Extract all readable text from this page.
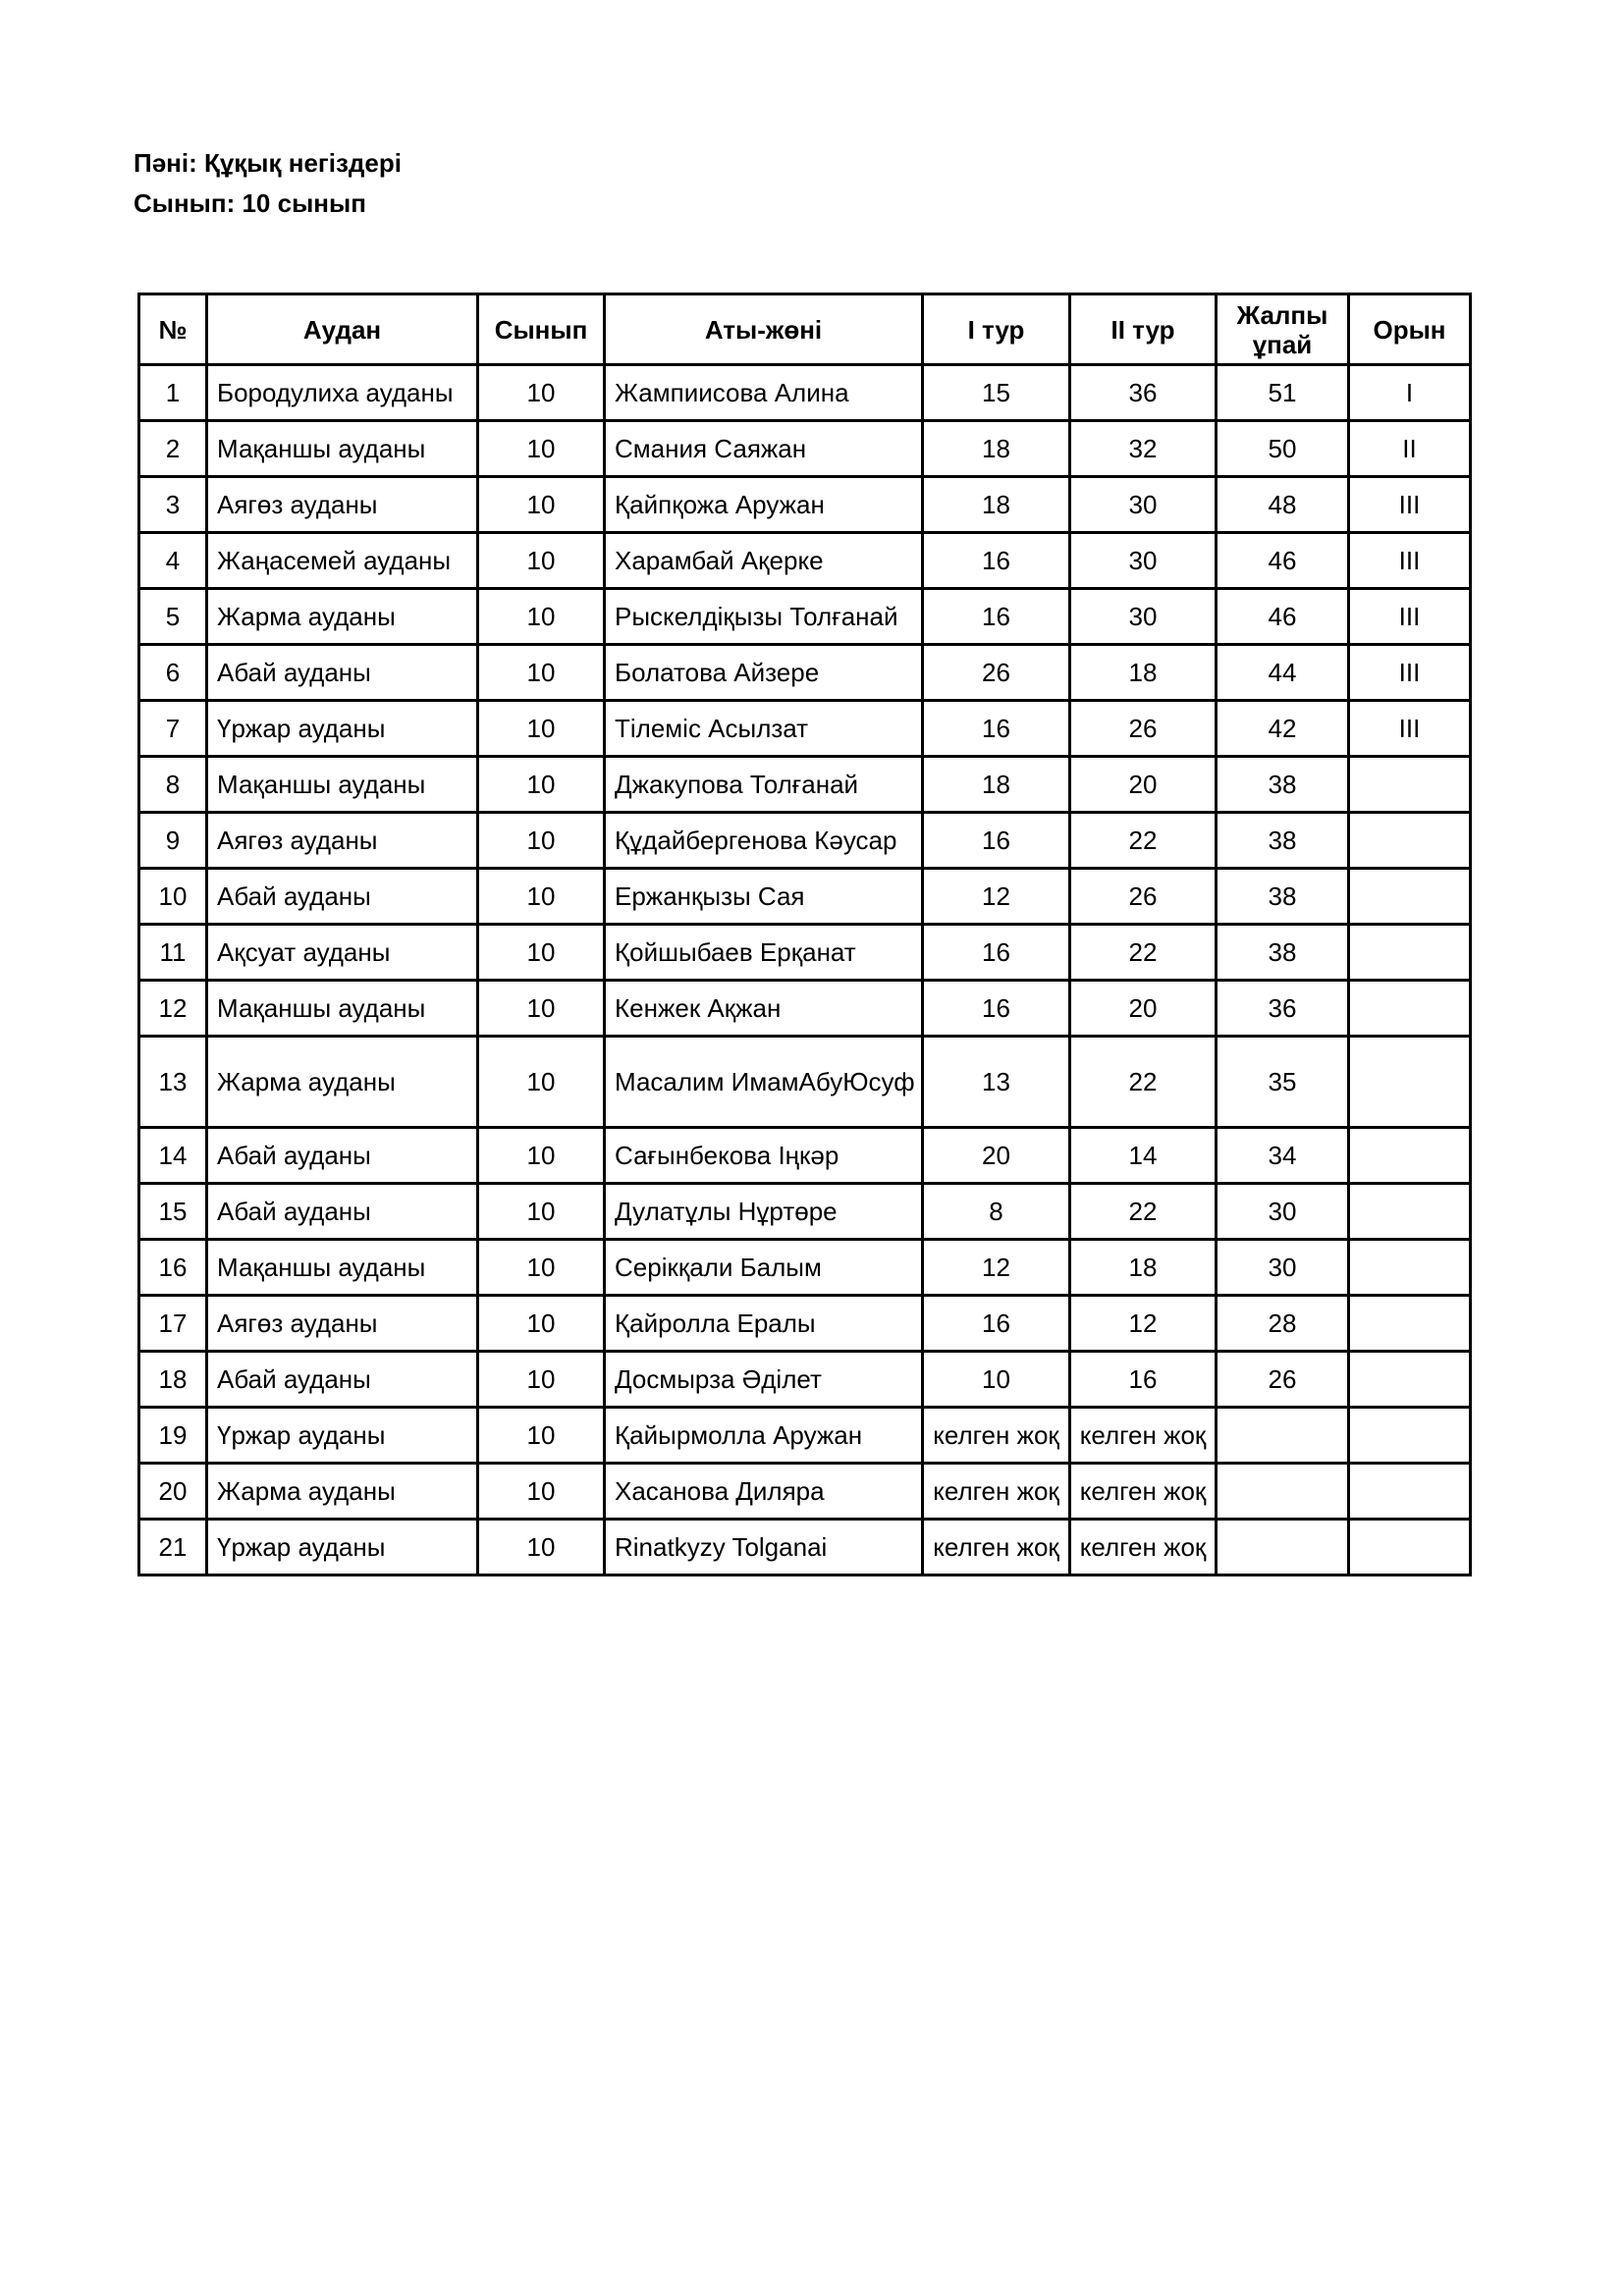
Пәні: Құқық негіздері
Сынып: 10 сынып
№	Аудан	Сынып	Аты-жөні	I тур	II тур	Жалпы ұпай	Орын
1	Бородулиха ауданы	10	Жампиисова Алина	15	36	51	I
2	Мақаншы ауданы	10	Смания Саяжан	18	32	50	II
3	Аягөз ауданы	10	Қайпқожа Аружан	18	30	48	III
4	Жаңасемей ауданы	10	Харамбай Ақерке	16	30	46	III
5	Жарма ауданы	10	Рыскелдіқызы Толғанай	16	30	46	III
6	Абай ауданы	10	Болатова Айзере	26	18	44	III
7	Үржар ауданы	10	Тілеміс Асылзат	16	26	42	III
8	Мақаншы ауданы	10	Джакупова Толғанай	18	20	38	
9	Аягөз ауданы	10	Құдайбергенова Кәусар	16	22	38	
10	Абай ауданы	10	Ержанқызы Сая	12	26	38	
11	Ақсуат ауданы	10	Қойшыбаев Ерқанат	16	22	38	
12	Мақаншы ауданы	10	Кенжек Ақжан	16	20	36	
13	Жарма ауданы	10	Масалим ИмамАбуЮсуф	13	22	35	
14	Абай ауданы	10	Сағынбекова Іңкәр	20	14	34	
15	Абай ауданы	10	Дулатұлы Нұртөре	8	22	30	
16	Мақаншы ауданы	10	Серікқали Балым	12	18	30	
17	Аягөз ауданы	10	Қайролла Ералы	16	12	28	
18	Абай ауданы	10	Досмырза Әділет	10	16	26	
19	Үржар ауданы	10	Қайырмолла Аружан	келген жоқ	келген жоқ		
20	Жарма ауданы	10	Хасанова Диляра	келген жоқ	келген жоқ		
21	Үржар ауданы	10	Rinatkyzy Tolganai	келген жоқ	келген жоқ		
